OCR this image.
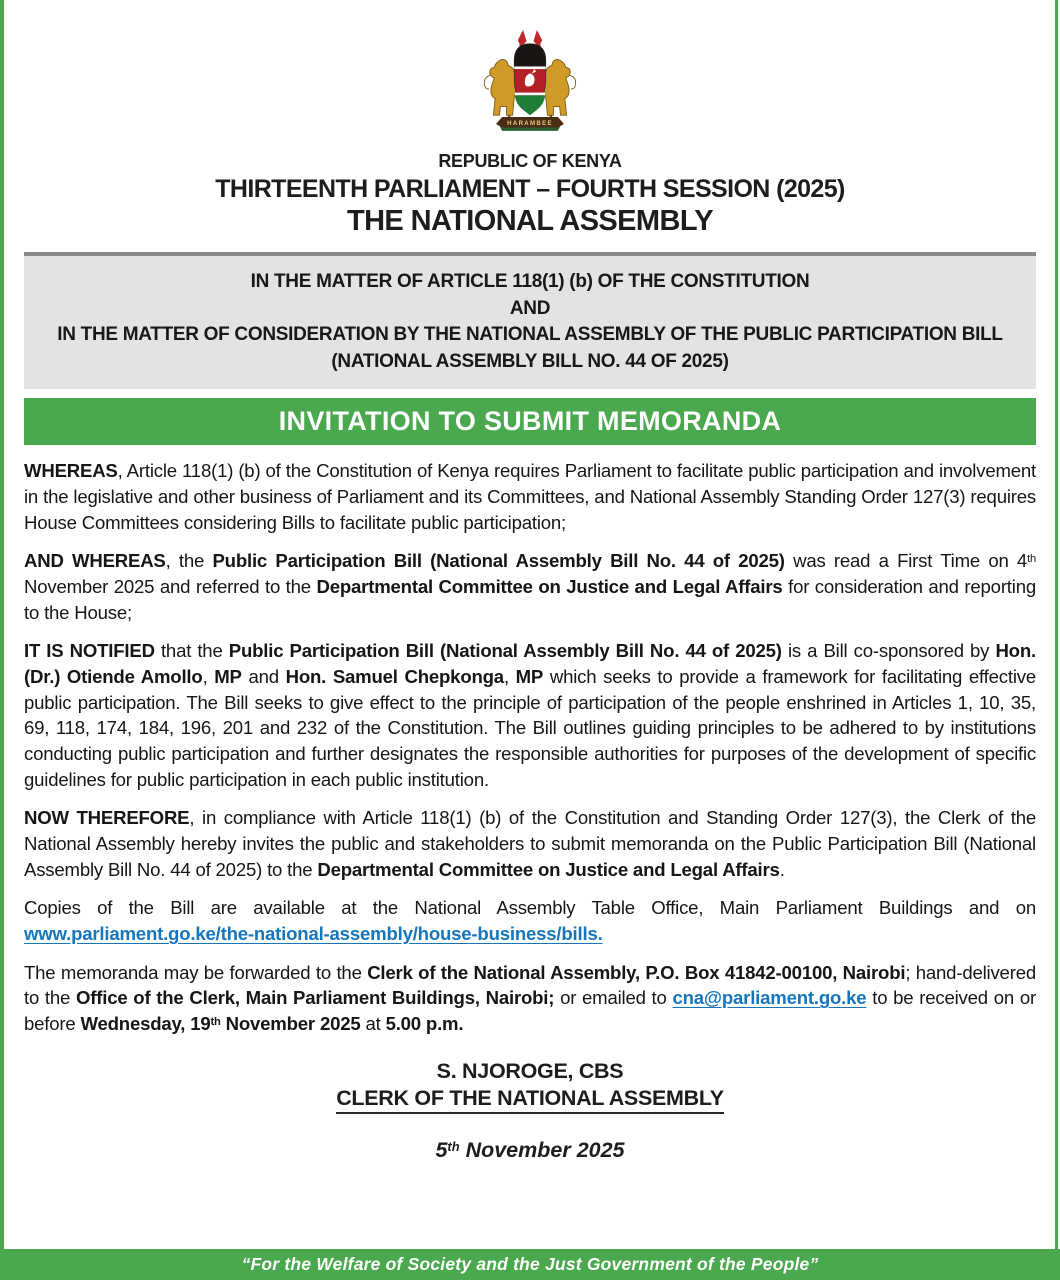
HARAMBEE
REPUBLIC OF KENYA
THIRTEENTH PARLIAMENT – FOURTH SESSION (2025)
THE NATIONAL ASSEMBLY
IN THE MATTER OF ARTICLE 118(1) (b) OF THE CONSTITUTION
AND
IN THE MATTER OF CONSIDERATION BY THE NATIONAL ASSEMBLY OF THE PUBLIC PARTICIPATION BILL
(NATIONAL ASSEMBLY BILL NO. 44 OF 2025)
INVITATION TO SUBMIT MEMORANDA

WHEREAS, Article 118(1) (b) of the Constitution of Kenya requires Parliament to facilitate public participation and involvement in the legislative and other business of Parliament and its Committees, and National Assembly Standing Order 127(3) requires House Committees considering Bills to facilitate public participation;

AND WHEREAS, the Public Participation Bill (National Assembly Bill No. 44 of 2025) was read a First Time on 4th November 2025 and referred to the Departmental Committee on Justice and Legal Affairs for consideration and reporting to the House;

IT IS NOTIFIED that the Public Participation Bill (National Assembly Bill No. 44 of 2025) is a Bill co-sponsored by Hon. (Dr.) Otiende Amollo, MP and Hon. Samuel Chepkonga, MP which seeks to provide a framework for facilitating effective public participation. The Bill seeks to give effect to the principle of participation of the people enshrined in Articles 1, 10, 35, 69, 118, 174, 184, 196, 201 and 232 of the Constitution. The Bill outlines guiding principles to be adhered to by institutions conducting public participation and further designates the responsible authorities for purposes of the development of specific guidelines for public participation in each public institution.

NOW THEREFORE, in compliance with Article 118(1) (b) of the Constitution and Standing Order 127(3), the Clerk of the National Assembly hereby invites the public and stakeholders to submit memoranda on the Public Participation Bill (National Assembly Bill No. 44 of 2025) to the Departmental Committee on Justice and Legal Affairs.

Copies of the Bill are available at the National Assembly Table Office, Main Parliament Buildings and on www.parliament.go.ke/the-national-assembly/house-business/bills.

The memoranda may be forwarded to the Clerk of the National Assembly, P.O. Box 41842-00100, Nairobi; hand-delivered to the Office of the Clerk, Main Parliament Buildings, Nairobi; or emailed to cna@parliament.go.ke to be received on or before Wednesday, 19th November 2025 at 5.00 p.m.

S. NJOROGE, CBS
CLERK OF THE NATIONAL ASSEMBLY
5th November 2025
“For the Welfare of Society and the Just Government of the People”
